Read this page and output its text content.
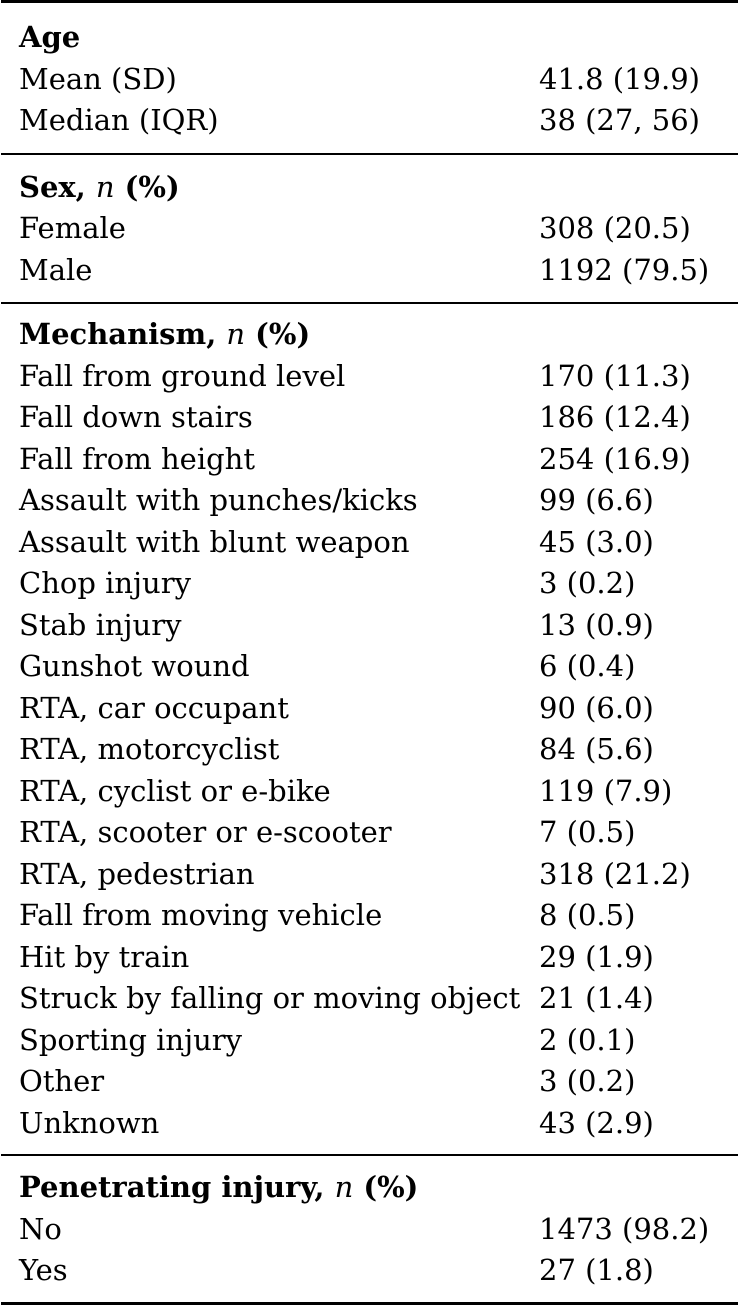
Age
Mean (SD)	41.8 (19.9)
Median (IQR)	38 (27, 56)
Sex, n (%)
Female	308 (20.5)
Male	1192 (79.5)
Mechanism, n (%)
Fall from ground level	170 (11.3)
Fall down stairs	186 (12.4)
Fall from height	254 (16.9)
Assault with punches/kicks	99 (6.6)
Assault with blunt weapon	45 (3.0)
Chop injury	3 (0.2)
Stab injury	13 (0.9)
Gunshot wound	6 (0.4)
RTA, car occupant	90 (6.0)
RTA, motorcyclist	84 (5.6)
RTA, cyclist or e-bike	119 (7.9)
RTA, scooter or e-scooter	7 (0.5)
RTA, pedestrian	318 (21.2)
Fall from moving vehicle	8 (0.5)
Hit by train	29 (1.9)
Struck by falling or moving object 21 (1.4)
Sporting injury	2 (0.1)
Other	3 (0.2)
Unknown	43 (2.9)
Penetrating injury, n (%)
No	1473 (98.2)
Yes	27 (1.8)
